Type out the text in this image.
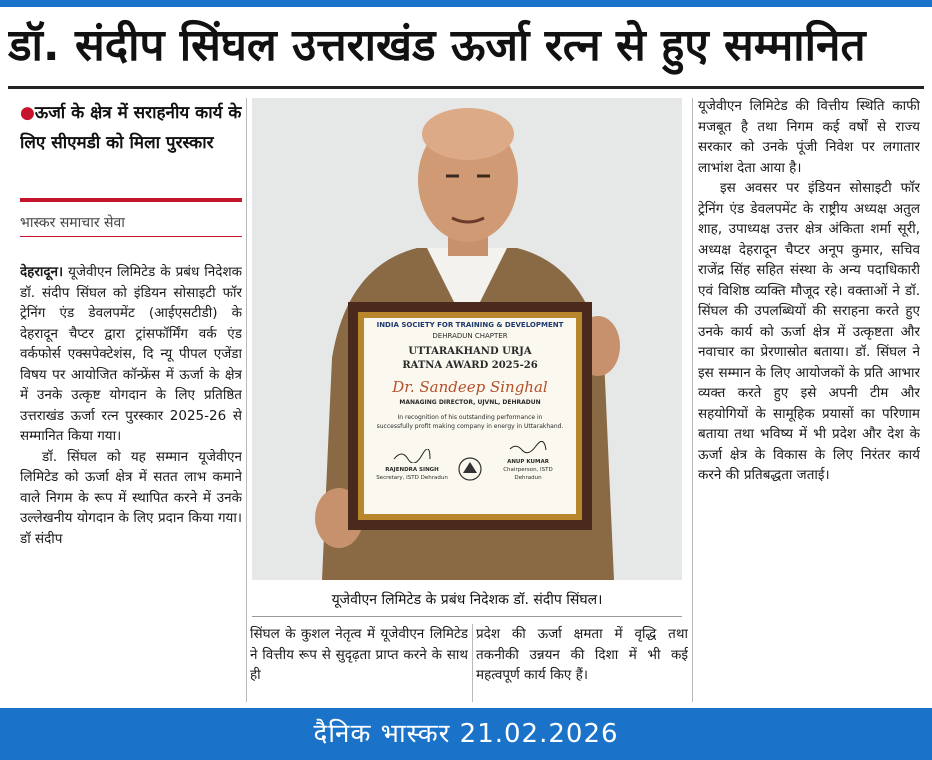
डॉ. संदीप सिंघल उत्तराखंड ऊर्जा रत्न से हुए सम्मानित
●ऊर्जा के क्षेत्र में सराहनीय कार्य के लिए सीएमडी को मिला पुरस्कार
भास्कर समाचार सेवा

देहरादून। यूजेवीएन लिमिटेड के प्रबंध निदेशक डॉ. संदीप सिंघल को इंडियन सोसाइटी फॉर ट्रेनिंग एंड डेवलपमेंट (आईएसटीडी) के देहरादून चैप्टर द्वारा ट्रांसफॉर्मिंग वर्क एंड वर्कफोर्स एक्सपेक्टेशंस, दि न्यू पीपल एजेंडा विषय पर आयोजित कॉन्फ्रेंस में ऊर्जा के क्षेत्र में उनके उत्कृष्ट योगदान के लिए प्रतिष्ठित उत्तराखंड ऊर्जा रत्न पुरस्कार 2025-26 से सम्मानित किया गया।

डॉ. सिंघल को यह सम्मान यूजेवीएन लिमिटेड को ऊर्जा क्षेत्र में सतत लाभ कमाने वाले निगम के रूप में स्थापित करने में उनके उल्लेखनीय योगदान के लिए प्रदान किया गया। डॉ संदीप

INDIA SOCIETY FOR TRAINING & DEVELOPMENT
DEHRADUN CHAPTER
UTTARAKHAND URJA
RATNA AWARD 2025-26
Dr. Sandeep Singhal
MANAGING DIRECTOR, UJVNL, DEHRADUN
In recognition of his outstanding performance in
successfully profit making company in energy in Uttarakhand.
RAJENDRA SINGH
Secretary, ISTD Dehradun
ANUP KUMAR
Chairperson, ISTD Dehradun
यूजेवीएन लिमिटेड के प्रबंध निदेशक डॉ. संदीप सिंघल।

सिंघल के कुशल नेतृत्व में यूजेवीएन लिमिटेड ने वित्तीय रूप से सुदृढ़ता प्राप्त करने के साथ ही

प्रदेश की ऊर्जा क्षमता में वृद्धि तथा तकनीकी उन्नयन की दिशा में भी कई महत्वपूर्ण कार्य किए हैं।

यूजेवीएन लिमिटेड की वित्तीय स्थिति काफी मजबूत है तथा निगम कई वर्षों से राज्य सरकार को उनके पूंजी निवेश पर लगातार लाभांश देता आया है।

इस अवसर पर इंडियन सोसाइटी फॉर ट्रेनिंग एंड डेवलपमेंट के राष्ट्रीय अध्यक्ष अतुल शाह, उपाध्यक्ष उत्तर क्षेत्र अंकिता शर्मा सूरी, अध्यक्ष देहरादून चैप्टर अनूप कुमार, सचिव राजेंद्र सिंह सहित संस्था के अन्य पदाधिकारी एवं विशिष्ठ व्यक्ति मौजूद रहे। वक्ताओं ने डॉ. सिंघल की उपलब्धियों की सराहना करते हुए उनके कार्य को ऊर्जा क्षेत्र में उत्कृष्टता और नवाचार का प्रेरणास्रोत बताया। डॉ. सिंघल ने इस सम्मान के लिए आयोजकों के प्रति आभार व्यक्त करते हुए इसे अपनी टीम और सहयोगियों के सामूहिक प्रयासों का परिणाम बताया तथा भविष्य में भी प्रदेश और देश के ऊर्जा क्षेत्र के विकास के लिए निरंतर कार्य करने की प्रतिबद्धता जताई।

दैनिक भास्कर 21.02.2026
